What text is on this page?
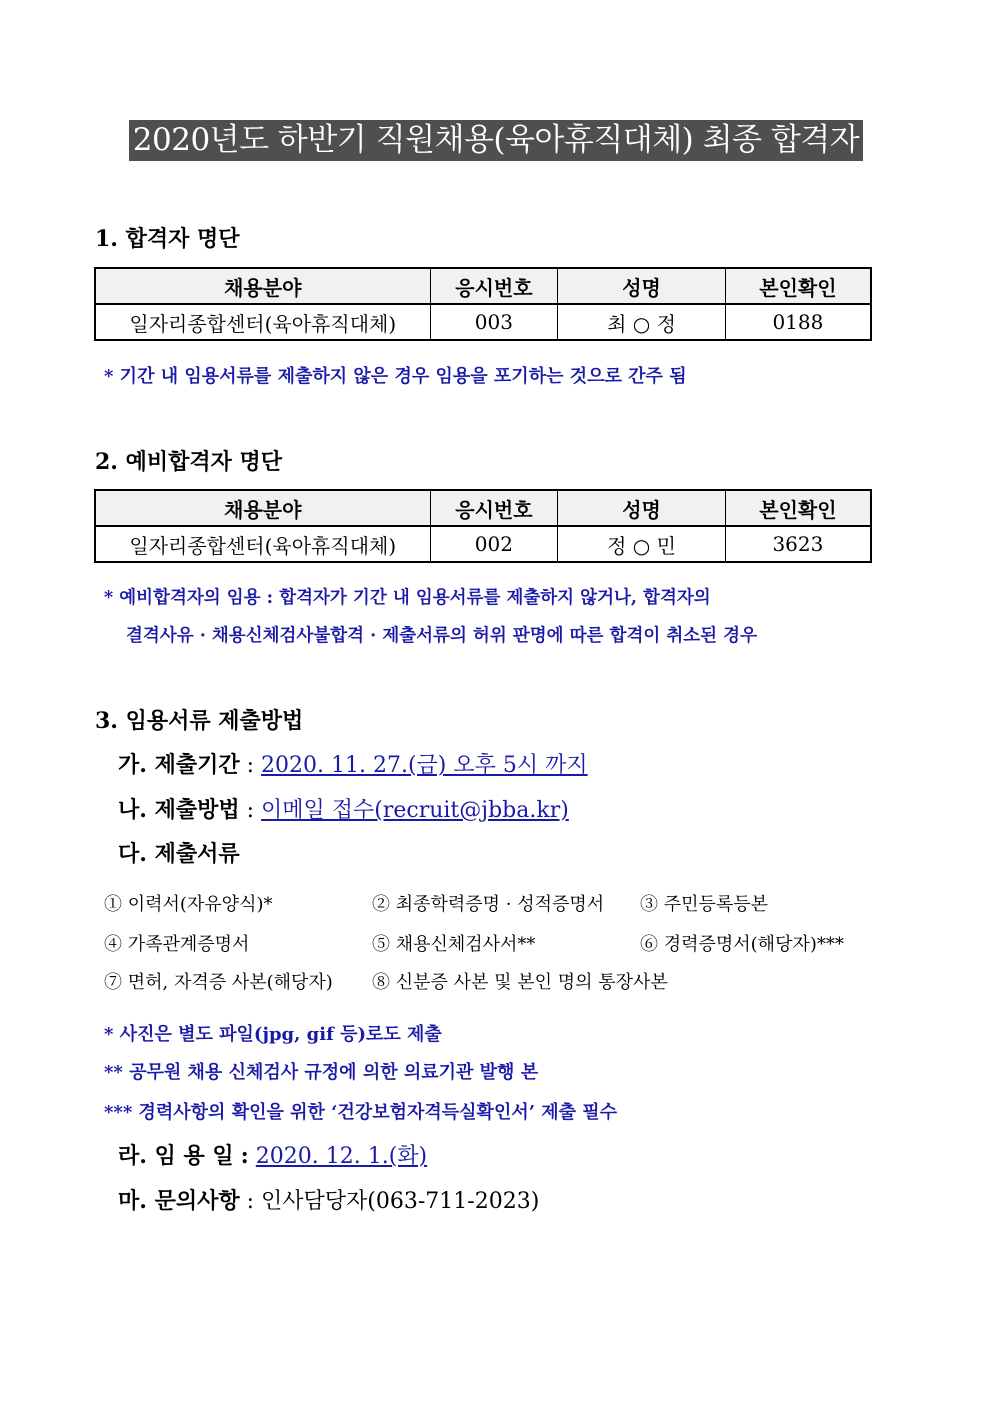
2020년도 하반기 직원채용(육아휴직대체) 최종 합격자
1. 합격자 명단
채용분야	응시번호	성명	본인확인
일자리종합센터(육아휴직대체)	003	최 ○ 정	0188
* 기간 내 임용서류를 제출하지 않은 경우 임용을 포기하는 것으로 간주 됨
2. 예비합격자 명단
채용분야	응시번호	성명	본인확인
일자리종합센터(육아휴직대체)	002	정 ○ 민	3623
* 예비합격자의 임용 : 합격자가 기간 내 임용서류를 제출하지 않거나, 합격자의
결격사유 · 채용신체검사불합격 · 제출서류의 허위 판명에 따른 합격이 취소된 경우
3. 임용서류 제출방법
가. 제출기간 : 2020. 11. 27.(금) 오후 5시 까지
나. 제출방법 : 이메일 접수(recruit@jbba.kr)
다. 제출서류
① 이력서(자유양식)*	② 최종학력증명 · 성적증명서 ③ 주민등록등본
④ 가족관계증명서	⑤ 채용신체검사서**	⑥ 경력증명서(해당자)***
⑦ 면허, 자격증 사본(해당자) ⑧ 신분증 사본 및 본인 명의 통장사본
* 사진은 별도 파일(jpg, gif 등)로도 제출
** 공무원 채용 신체검사 규정에 의한 의료기관 발행 본
*** 경력사항의 확인을 위한 ‘건강보험자격득실확인서’ 제출 필수
라. 임 용 일 : 2020. 12. 1.(화)
마. 문의사항 : 인사담당자(063-711-2023)
